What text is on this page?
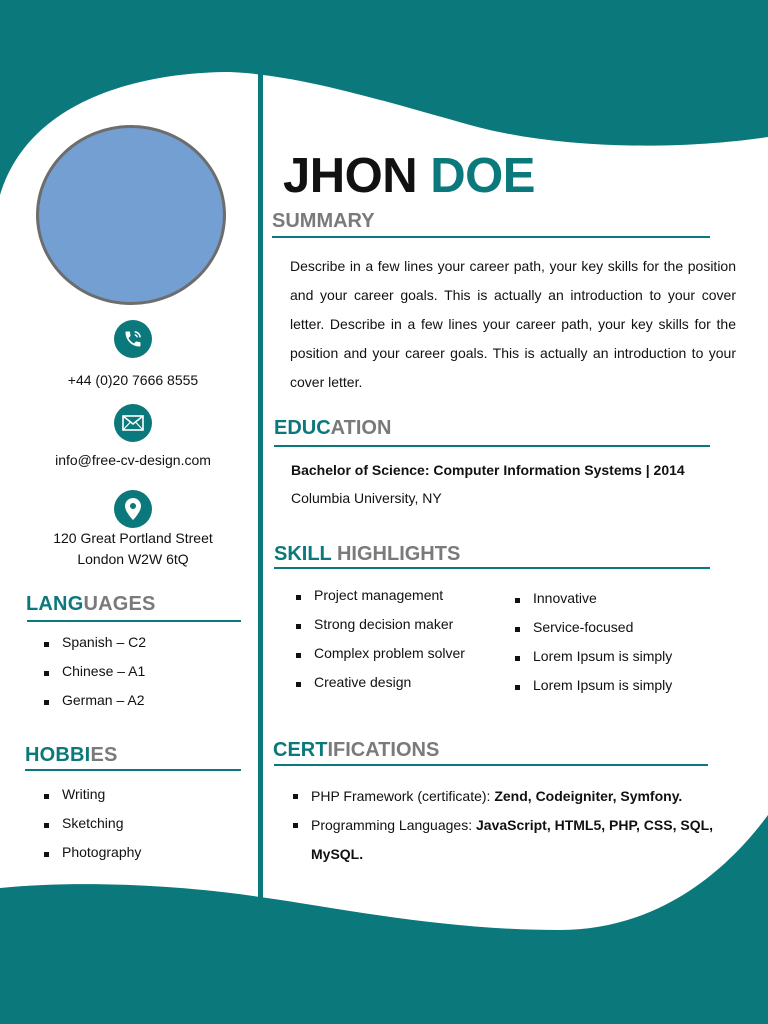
+44 (0)20 7666 8555
info@free-cv-design.com
120 Great Portland Street
London W2W 6tQ
LANGUAGES
Spanish – C2
Chinese – A1
German – A2
HOBBIES
Writing
Sketching
Photography
JHON DOE
SUMMARY

Describe in a few lines your career path, your key skills for the position and your career goals. This is actually an introduction to your cover letter. Describe in a few lines your career path, your key skills for the position and your career goals. This is actually an introduction to your cover letter.

EDUCATION
Bachelor of Science: Computer Information Systems | 2014
Columbia University, NY
SKILL HIGHLIGHTS
Project management
Strong decision maker
Complex problem solver
Creative design
Innovative
Service-focused
Lorem Ipsum is simply
Lorem Ipsum is simply
CERTIFICATIONS
PHP Framework (certificate): Zend, Codeigniter, Symfony.
Programming Languages: JavaScript, HTML5, PHP, CSS, SQL, MySQL.
